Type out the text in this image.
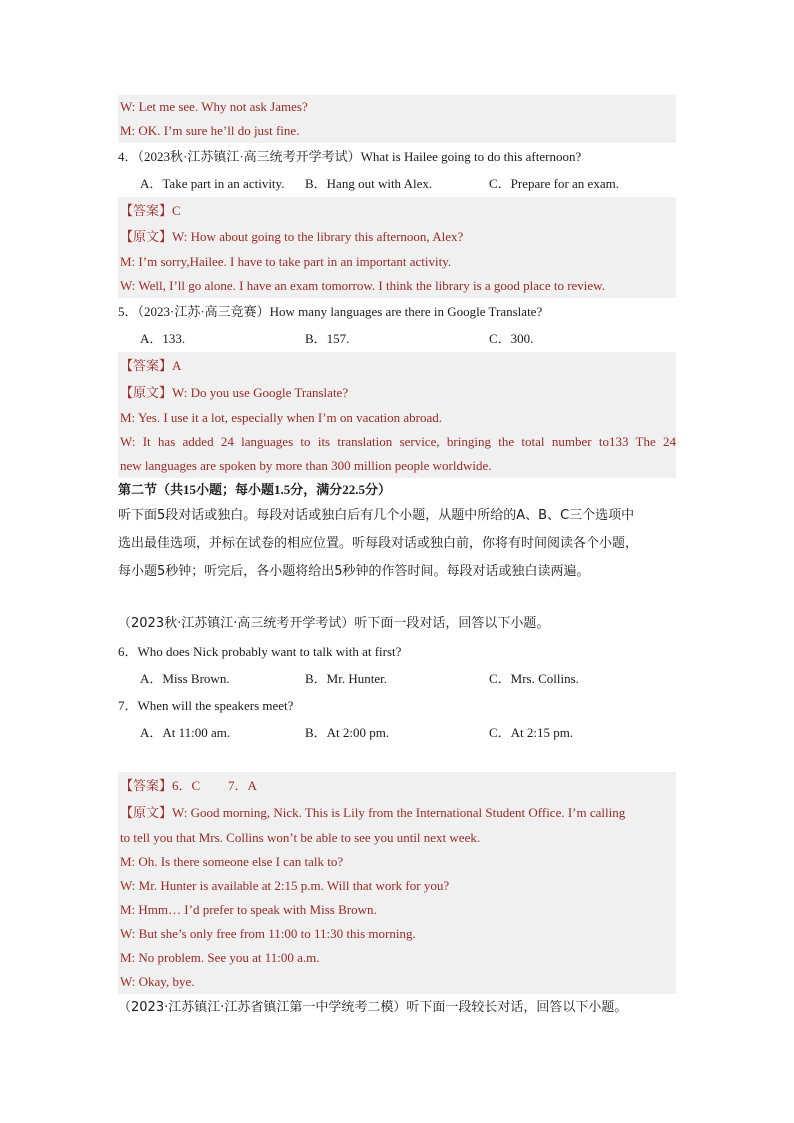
W: Let me see. Why not ask James?
M: OK. I’m sure he’ll do just fine.
4．（2023秋·江苏镇江·高三统考开学考试）What is Hailee going to do this afternoon?
A．Take part in an activity.	B．Hang out with Alex.	C．Prepare for an exam.
【答案】C
【原文】W: How about going to the library this afternoon, Alex?
M: I’m sorry,Hailee. I have to take part in an important activity.
W: Well, I’ll go alone. I have an exam tomorrow. I think the library is a good place to review.
5．（2023·江苏·高三竞赛）How many languages are there in Google Translate?
A．133.	B．157.	C．300.
【答案】A
【原文】W: Do you use Google Translate?
M: Yes. I use it a lot, especially when I’m on vacation abroad.
W: It has added 24 languages to its translation service, bringing the total number to133 The 24
new languages are spoken by more than 300 million people worldwide.
第二节（共15小题；每小题1.5分，满分22.5分）
听下面5段对话或独白。每段对话或独白后有几个小题，从题中所给的A、B、C三个选项中
选出最佳选项，并标在试卷的相应位置。听每段对话或独白前，你将有时间阅读各个小题，
每小题5秒钟；听完后，各小题将给出5秒钟的作答时间。每段对话或独白读两遍。
（2023秋·江苏镇江·高三统考开学考试）听下面一段对话，回答以下小题。
6．Who does Nick probably want to talk with at first?
A．Miss Brown.	B．Mr. Hunter.	C．Mrs. Collins.
7．When will the speakers meet?
A．At 11:00 am.	B．At 2:00 pm.	C．At 2:15 pm.
【答案】6．C 7．A
【原文】W: Good morning, Nick. This is Lily from the International Student Office. I’m calling
to tell you that Mrs. Collins won’t be able to see you until next week.
M: Oh. Is there someone else I can talk to?
W: Mr. Hunter is available at 2:15 p.m. Will that work for you?
M: Hmm… I’d prefer to speak with Miss Brown.
W: But she’s only free from 11:00 to 11:30 this morning.
M: No problem. See you at 11:00 a.m.
W: Okay, bye.
（2023·江苏镇江·江苏省镇江第一中学统考二模）听下面一段较长对话，回答以下小题。
